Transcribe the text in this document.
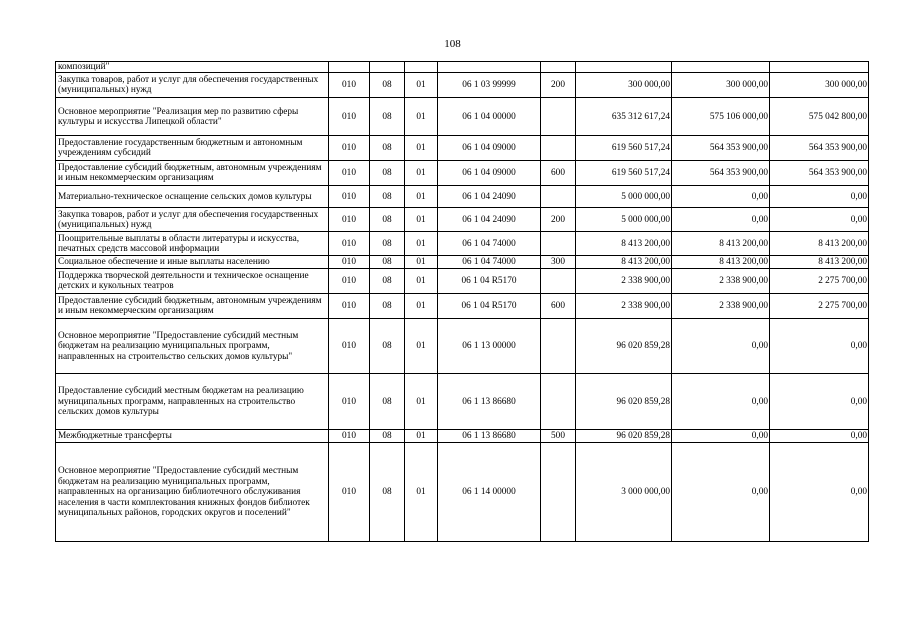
108
композиций"								
Закупка товаров, работ и услуг для обеспечения государственных (муниципальных) нужд	010	08	01	06 1 03 99999	200	300 000,00	300 000,00	300 000,00
Основное мероприятие "Реализация мер по развитию сферы культуры и искусства Липецкой области"	010	08	01	06 1 04 00000		635 312 617,24	575 106 000,00	575 042 800,00
Предоставление государственным бюджетным и автономным учреждениям субсидий	010	08	01	06 1 04 09000		619 560 517,24	564 353 900,00	564 353 900,00
Предоставление субсидий бюджетным, автономным учреждениям и иным некоммерческим организациям	010	08	01	06 1 04 09000	600	619 560 517,24	564 353 900,00	564 353 900,00
Материально-техническое оснащение сельских домов культуры	010	08	01	06 1 04 24090		5 000 000,00	0,00	0,00
Закупка товаров, работ и услуг для обеспечения государственных (муниципальных) нужд	010	08	01	06 1 04 24090	200	5 000 000,00	0,00	0,00
Поощрительные выплаты в области литературы и искусства, печатных средств массовой информации	010	08	01	06 1 04 74000		8 413 200,00	8 413 200,00	8 413 200,00
Социальное обеспечение и иные выплаты населению	010	08	01	06 1 04 74000	300	8 413 200,00	8 413 200,00	8 413 200,00
Поддержка творческой деятельности и техническое оснащение детских и кукольных театров	010	08	01	06 1 04 R5170		2 338 900,00	2 338 900,00	2 275 700,00
Предоставление субсидий бюджетным, автономным учреждениям и иным некоммерческим организациям	010	08	01	06 1 04 R5170	600	2 338 900,00	2 338 900,00	2 275 700,00
Основное мероприятие "Предоставление субсидий местным бюджетам на реализацию муниципальных программ, направленных на строительство сельских домов культуры"	010	08	01	06 1 13 00000		96 020 859,28	0,00	0,00
Предоставление субсидий местным бюджетам на реализацию муниципальных программ, направленных на строительство сельских домов культуры	010	08	01	06 1 13 86680		96 020 859,28	0,00	0,00
Межбюджетные трансферты	010	08	01	06 1 13 86680	500	96 020 859,28	0,00	0,00
Основное мероприятие "Предоставление субсидий местным бюджетам на реализацию муниципальных программ, направленных на организацию библиотечного обслуживания населения в части комплектования книжных фондов библиотек муниципальных районов, городских округов и поселений"	010	08	01	06 1 14 00000		3 000 000,00	0,00	0,00
